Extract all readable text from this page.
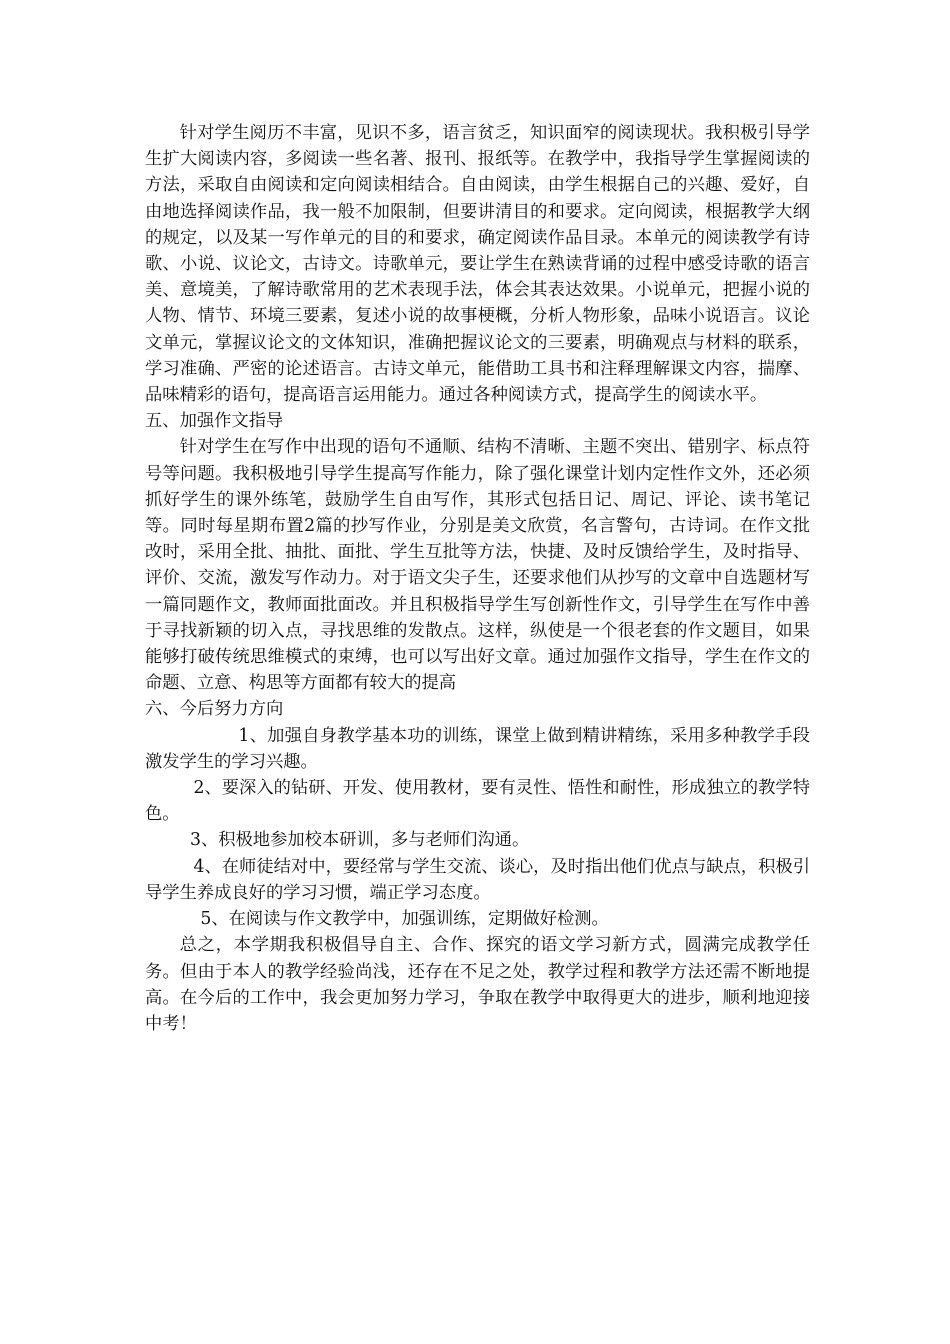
针对学生阅历不丰富，见识不多，语言贫乏，知识面窄的阅读现状。我积极引导学生扩大阅读内容，多阅读一些名著、报刊、报纸等。在教学中，我指导学生掌握阅读的方法，采取自由阅读和定向阅读相结合。自由阅读，由学生根据自己的兴趣、爱好，自由地选择阅读作品，我一般不加限制，但要讲清目的和要求。定向阅读，根据教学大纲的规定，以及某一写作单元的目的和要求，确定阅读作品目录。本单元的阅读教学有诗歌、小说、议论文，古诗文。诗歌单元，要让学生在熟读背诵的过程中感受诗歌的语言美、意境美，了解诗歌常用的艺术表现手法，体会其表达效果。小说单元，把握小说的人物、情节、环境三要素，复述小说的故事梗概，分析人物形象，品味小说语言。议论文单元，掌握议论文的文体知识，准确把握议论文的三要素，明确观点与材料的联系，学习准确、严密的论述语言。古诗文单元，能借助工具书和注释理解课文内容，揣摩、品味精彩的语句，提高语言运用能力。通过各种阅读方式，提高学生的阅读水平。

五、加强作文指导

针对学生在写作中出现的语句不通顺、结构不清晰、主题不突出、错别字、标点符号等问题。我积极地引导学生提高写作能力，除了强化课堂计划内定性作文外，还必须抓好学生的课外练笔，鼓励学生自由写作，其形式包括日记、周记、评论、读书笔记等。同时每星期布置2篇的抄写作业，分别是美文欣赏，名言警句，古诗词。在作文批改时，采用全批、抽批、面批、学生互批等方法，快捷、及时反馈给学生，及时指导、评价、交流，激发写作动力。对于语文尖子生，还要求他们从抄写的文章中自选题材写一篇同题作文，教师面批面改。并且积极指导学生写创新性作文，引导学生在写作中善于寻找新颖的切入点，寻找思维的发散点。这样，纵使是一个很老套的作文题目，如果能够打破传统思维模式的束缚，也可以写出好文章。通过加强作文指导，学生在作文的命题、立意、构思等方面都有较大的提高

六、今后努力方向

1、加强自身教学基本功的训练，课堂上做到精讲精练，采用多种教学手段激发学生的学习兴趣。

2、要深入的钻研、开发、使用教材，要有灵性、悟性和耐性，形成独立的教学特色。

3、积极地参加校本研训，多与老师们沟通。

4、在师徒结对中，要经常与学生交流、谈心，及时指出他们优点与缺点，积极引导学生养成良好的学习习惯，端正学习态度。

5、在阅读与作文教学中，加强训练，定期做好检测。

总之，本学期我积极倡导自主、合作、探究的语文学习新方式，圆满完成教学任务。但由于本人的教学经验尚浅，还存在不足之处，教学过程和教学方法还需不断地提高。在今后的工作中，我会更加努力学习，争取在教学中取得更大的进步，顺利地迎接中考！
